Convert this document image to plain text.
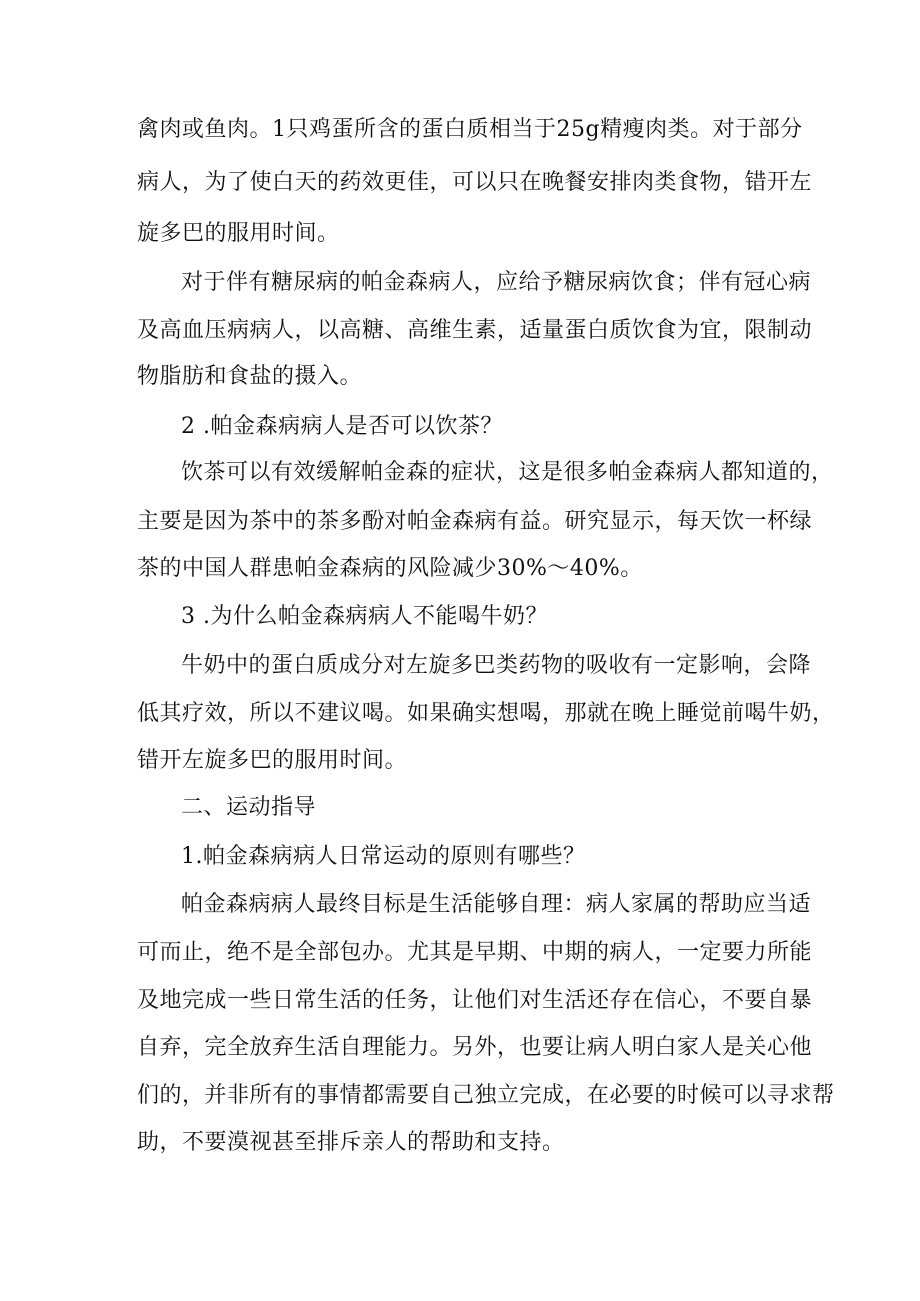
禽肉或鱼肉。1只鸡蛋所含的蛋白质相当于25g精瘦肉类。对于部分
病人，为了使白天的药效更佳，可以只在晚餐安排肉类食物，错开左
旋多巴的服用时间。
对于伴有糖尿病的帕金森病人，应给予糖尿病饮食；伴有冠心病
及高血压病病人，以高糖、高维生素，适量蛋白质饮食为宜，限制动
物脂肪和食盐的摄入。
2 .帕金森病病人是否可以饮茶？
饮茶可以有效缓解帕金森的症状，这是很多帕金森病人都知道的，
主要是因为茶中的茶多酚对帕金森病有益。研究显示，每天饮一杯绿
茶的中国人群患帕金森病的风险减少30%～40%。
3 .为什么帕金森病病人不能喝牛奶？
牛奶中的蛋白质成分对左旋多巴类药物的吸收有一定影响，会降
低其疗效，所以不建议喝。如果确实想喝，那就在晚上睡觉前喝牛奶，
错开左旋多巴的服用时间。
二、运动指导
1.帕金森病病人日常运动的原则有哪些？
帕金森病病人最终目标是生活能够自理：病人家属的帮助应当适
可而止，绝不是全部包办。尤其是早期、中期的病人，一定要力所能
及地完成一些日常生活的任务，让他们对生活还存在信心，不要自暴
自弃，完全放弃生活自理能力。另外，也要让病人明白家人是关心他
们的，并非所有的事情都需要自己独立完成，在必要的时候可以寻求帮
助，不要漠视甚至排斥亲人的帮助和支持。
